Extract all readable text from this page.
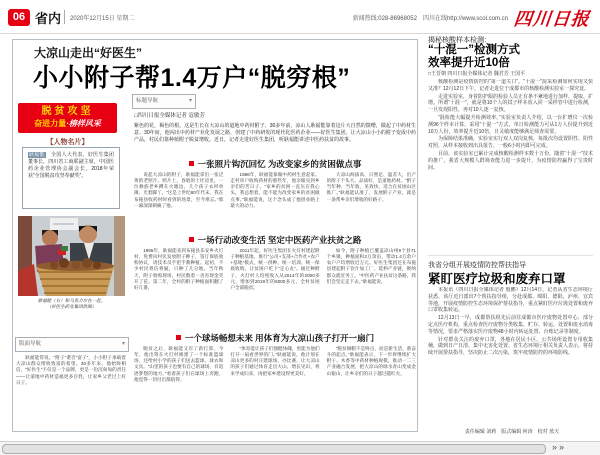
06 省内 2020年12月15日 星期二	新闻热线:028-86968052　四川在线http://www.scol.com.cn 四川日报
大凉山走出“好医生”
小小附子帮1.4万户“脱穷根”
标题导航	▾
□四川日报全媒体记者 寇敏芳
紫色的花，褐色的根，这是生长在大凉山的道地中药材附子。30多年前，凉山人耿福能靠着这片大自然的馈赠，做起了中药材生意。30年间，他闯出中药材产业化发展之路，创建了中药研发的现代化医药企业——好医生集团，让大凉山小小的附子变成中药产品，村民们靠种植附子脱贫增收。近日，记者走进好医生集团，听耿福能讲述中医药扶贫的故事。
一张照片钩沉回忆 为改变家乡的贫困做点事
说起大凉山的附子，耿福能拿出一张泛黄的老照片。照片上，昏暗的土坯房里，一位彝族老乡蹲在火塘边，几个孩子衣衫单薄、光着脚丫。“这是上世纪80年代末，我在布拖县收药材时看到的场景，至今难忘。”那一幕深深刺痛了他。
1986年，耿福能靠做中药材生意起家。走村串户收购药材的那些年，他亲眼见到乡亲们的苦日子。“家乡的贫困一直压在我心头，我总想着，能不能为改变家乡的贫困做点事。”耿福能说，这个念头成了他创业路上最大的动力。
大凉山海拔高、日照足、温差大，出产的附子个头大、品质好，是道地药材。“附子当年种、当年收，见效快，适合在贫困山区推广。”耿福能认准了，发展附子产业，就是一条帮乡亲们增收的好路子。
一场行动改变生活 坚定中医药产业扶贫之路
1995年，耿福能来到布拖县乐安乡火灯村，免费向村民发放附子种子，签订保底收购协议，请技术员手把手教种植。起初，不少村民将信将疑，只种了几分地。当年秋天，附子收购现场，村民数着一沓沓现金笑开了花。第二年，全村的附子种植面积翻了好几番。
2011年起，好医生集团在火灯村建起附子种植基地，推行“公司+支部+合作社+农户+基地”模式，统一供种、统一培训、统一保底收购，让贫困户吃下“定心丸”。通过种附子，火灯村人均纯收入从2014年的2000多元，增加到2019年的6000多元，全村贫困户全部脱贫。
如今，附子种植已覆盖凉山州9个县71个乡镇，种植面积2万余亩，带动1.4万余户农户户均增收近万元。好医生集团还在布拖县建起附子饮片加工厂，延伸产业链，吸纳群众就近务工。“中医药产业扶贫这条路，我们会坚定走下去。”耿福能说。
一个球场畅想未来 用体育为大凉山孩子打开一扇门
脱贫之后，耿福能又有了新打算。今年，他出资在火灯村修建了一个标准篮球场，还给村小学的孩子们送去篮球、球衣和文具。“山里的孩子也要有自己的球场，有追逐梦想的地方。”看着孩子们在球场上奔跑，他觉得一切付出都值得。
“体育能让孩子们强健体魄，更能为他们打开一扇看世界的门。”耿福能说，他计划在凉山更多的村庄建球场、办比赛，让大凉山的孩子们通过体育走出大山、增长见识，将来学成归来，再把家乡建设得更美好。
“脱贫摘帽不是终点，而是新生活、新奋斗的起点。”耿福能表示，下一步将继续扩大附子、木香等中药材种植规模，推动一二三产业融合发展，把大凉山的绿水青山变成金山银山，让乡亲们的日子越过越红火。
脱贫攻坚
奋进力量·榜样风采
【人物名片】
耿福能　全国人大代表，好医生集团董事长，四川省工商联副主席，中国医药企业管理协会副会长，2018年荣获“全国脱贫攻坚奉献奖”。
耿福能（右）和马查力尔在一起。
（好医生药业集团供图）
版面导航	▾
耿福能常说，“附子”谐音“富子”，小小附子承载着大凉山群众增收致富的希望。30多年来，他始终相信，“好医生”不仅是一个品牌，更是一份沉甸甸的责任——让道地中药材造福更多百姓，让家乡父老过上好日子。
揭秘核酸样本检测：
“十混一”检测方式
效率提升近10倍
□王晋朝 四川日报全媒体记者 魏君芳 王国平

核酸检测是疫情防控的“第一道关口”。“十混一”混采检测如何实现又快又准？12月12日下午，记者走进位于成都市的核酸检测实验室一探究竟。

走进实验室，身着防护服的检验人员正有条不紊地进行加样、提取、扩增。所谓“十混一”，就是将10个人的拭子样本放入同一采样管中进行检测，一旦发现阳性，再对10人逐一复核。

“混检能大幅提升检测效率。”实验室负责人介绍，以一台扩增仪一次检测96个样本计算，采用“十混一”方式，单日检测能力可从1万人份提升到近10万人份，效率提升近10倍，且灵敏度能够满足筛查需要。

为保障结果准确，实验室实行双人双岗复核，每批次均设置阴性、阳性对照，从样本接收到出具报告，一般6小时内即可完成。

目前，该实验室已累计完成核酸检测样本数十万份。随着“十混一”技术的推广，我省大规模人群筛查能力进一步提升，为疫情防控赢得了宝贵时间。

我省分组开展疫情防控帮扶指导
紧盯医疗垃圾和废弃口罩

本报讯（四川日报全媒体记者 殷鹏）12月14日，记者从省生态环境厅获悉，该厅近日派出7个帮扶指导组，分赴成都、绵阳、德阳、泸州、宜宾等地，开展疫情防控生态环境保护帮扶指导，重点紧盯医疗垃圾处置和废弃口罩收集转运。

12月13日一早，成都帮扶组先后前往成都市医疗废物处置中心、部分定点医疗机构，重点检查医疗废物分类收集、贮存、转运、处置和废水消毒等情况，要求严格落实医疗废物48小时内转运处置、台账记录等制度。

针对群众关注的废弃口罩，各地在居民小区、公共场所设置专用收集桶，做到日产日清、集中无害化处置。省生态环境厅相关负责人表示，将持续开展帮扶指导，坚决防止二次污染，筑牢疫情防控的环境防线。

责任编辑 刘莉　版式编辑 何涛　校对 蓝天
»»
